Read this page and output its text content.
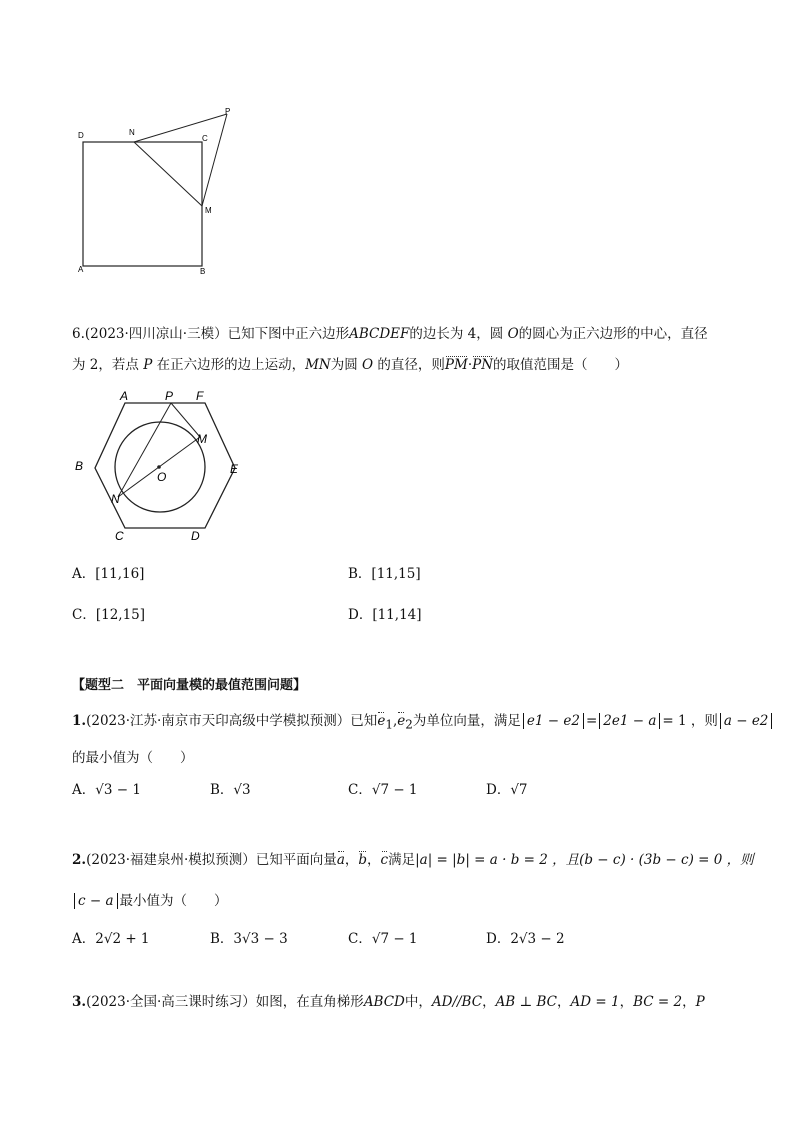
D	N
C
P
M
A	B
6.(2023·四川凉山·三模）已知下图中正六边形ABCDEF的边长为 4，圆 O的圆心为正六边形的中心，直径
为 2，若点 P 在正六边形的边上运动，MN为圆 O 的直径，则PM·PN的取值范围是（　　）
A	P F
B
M
O
E
N
C	D
A．[11,16]	B．[11,15]
C．[12,15]	D．[11,14]
【题型二　平面向量模的最值范围问题】
1.(2023·江苏·南京市天印高级中学模拟预测）已知$e_1,e_2$为单位向量，满足 e1 − e2 = 2e1 − a = 1 ，则 a − e2
的最小值为（　　）
A．√3 − 1	B．√3	C．√7 − 1	D．√7
2.(2023·福建泉州·模拟预测）已知平面向量a，b，c满足|a| = |b| = a · b = 2 ，且(b − c) · (3b − c) = 0 ，则
c − a 最小值为（　　）
A．2√2 + 1	B．3√3 − 3	C．√7 − 1	D．2√3 − 2
3.(2023·全国·高三课时练习）如图，在直角梯形ABCD中，AD//BC，AB ⊥ BC，AD = 1，BC = 2，P
